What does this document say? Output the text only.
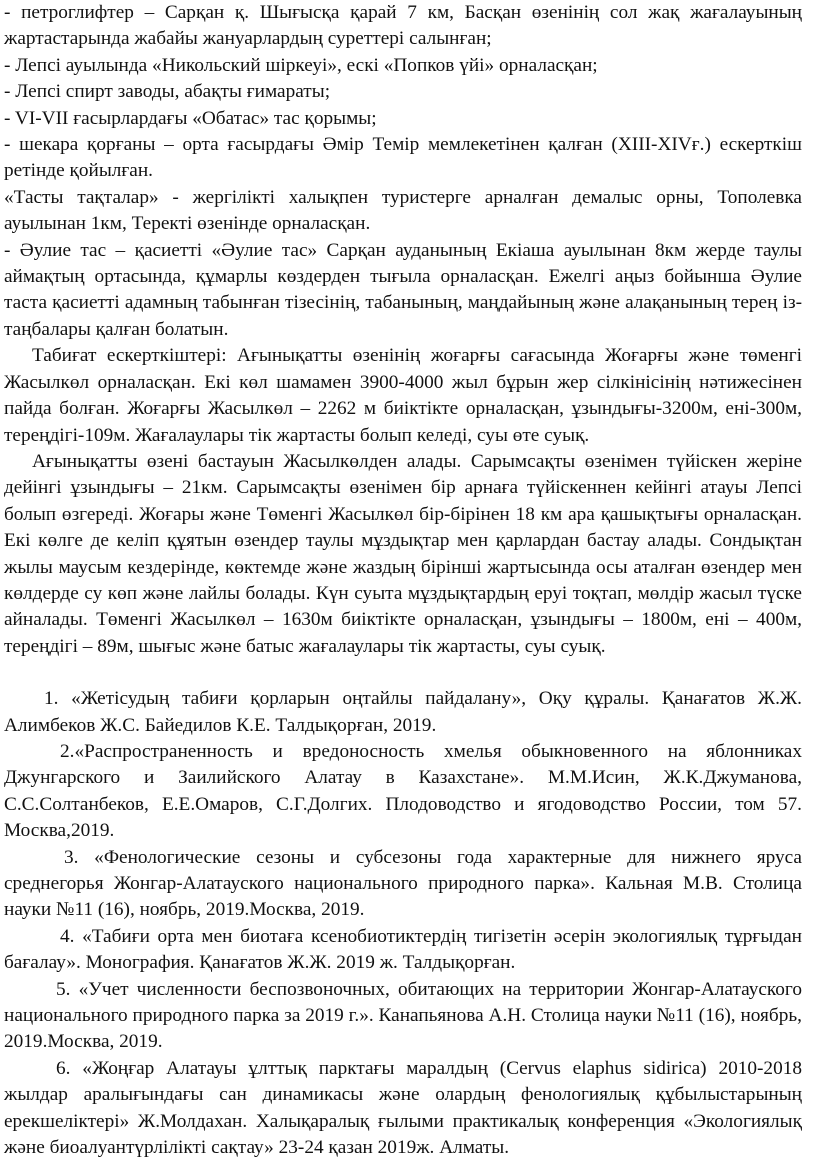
- петроглифтер – Сарқан қ. Шығысқа қарай 7 км, Басқан өзенінің сол жақ жағалауының жартастарында жабайы жануарлардың суреттері салынған;

- Лепсі ауылында «Никольский шіркеуі», ескі «Попков үйі» орналасқан;

- Лепсі спирт заводы, абақты ғимараты;

- VI-VII ғасырлардағы «Обатас» тас қорымы;

- шекара қорғаны – орта ғасырдағы Әмір Темір мемлекетінен қалған (XIII-XIVғ.) ескерткіш ретінде қойылған.

«Тасты тақталар» - жергілікті халықпен туристерге арналған демалыс орны, Тополевка ауылынан 1км, Теректі өзенінде орналасқан.

- Әулие тас – қасиетті «Әулие тас» Сарқан ауданының Екіаша ауылынан 8км жерде таулы аймақтың ортасында, құмарлы көздерден тығыла орналасқан. Ежелгі аңыз бойынша Әулие таста қасиетті адамның табынған тізесінің, табанының, маңдайының және алақанының терең із-таңбалары қалған болатын.

Табиғат ескерткіштері: Ағынықатты өзенінің жоғарғы сағасында Жоғарғы және төменгі Жасылкөл орналасқан. Екі көл шамамен 3900-4000 жыл бұрын жер сілкінісінің нәтижесінен пайда болған. Жоғарғы Жасылкөл – 2262 м биіктікте орналасқан, ұзындығы-3200м, ені-300м, тереңдігі-109м. Жағалаулары тік жартасты болып келеді, суы өте суық.

Ағынықатты өзені бастауын Жасылкөлден алады. Сарымсақты өзенімен түйіскен жеріне дейінгі ұзындығы – 21км. Сарымсақты өзенімен бір арнаға түйіскеннен кейінгі атауы Лепсі болып өзгереді. Жоғары және Төменгі Жасылкөл бір-бірінен 18 км ара қашықтығы орналасқан. Екі көлге де келіп құятын өзендер таулы мұздықтар мен қарлардан бастау алады. Сондықтан жылы маусым кездерінде, көктемде және жаздың бірінші жартысында осы аталған өзендер мен көлдерде су көп және лайлы болады. Күн суыта мұздықтардың еруі тоқтап, мөлдір жасыл түске айналады. Төменгі Жасылкөл – 1630м биіктікте орналасқан, ұзындығы – 1800м, ені – 400м, тереңдігі – 89м, шығыс және батыс жағалаулары тік жартасты, суы суық.

1. «Жетісудың табиғи қорларын оңтайлы пайдалану», Оқу құралы. Қанағатов Ж.Ж. Алимбеков Ж.С. Байедилов К.Е. Талдықорған, 2019.

2.«Распространенность и вредоносность хмелья обыкновенного на яблонниках Джунгарского и Заилийского Алатау в Казахстане». М.М.Исин, Ж.К.Джуманова, С.С.Солтанбеков, Е.Е.Омаров, С.Г.Долгих. Плодоводство и ягодоводство России, том 57. Москва,2019.

3. «Фенологические сезоны и субсезоны года характерные для нижнего яруса среднегорья Жонгар-Алатауского национального природного парка». Кальная М.В. Столица науки №11 (16), ноябрь, 2019.Москва, 2019.

4. «Табиғи орта мен биотаға ксенобиотиктердің тигізетін әсерін экологиялық тұрғыдан бағалау». Монография. Қанағатов Ж.Ж. 2019 ж. Талдықорған.

5. «Учет численности беспозвоночных, обитающих на территории Жонгар-Алатауского национального природного парка за 2019 г.». Канапьянова А.Н. Столица науки №11 (16), ноябрь, 2019.Москва, 2019.

6. «Жоңғар Алатауы ұлттық парктағы маралдың (Cervus elaphus sidirica) 2010-2018 жылдар аралығындағы сан динамикасы және олардың фенологиялық құбылыстарының ерекшеліктері» Ж.Молдахан. Халықаралық ғылыми практикалық конференция «Экологиялық және биоалуантүрлілікті сақтау» 23-24 қазан 2019ж. Алматы.
